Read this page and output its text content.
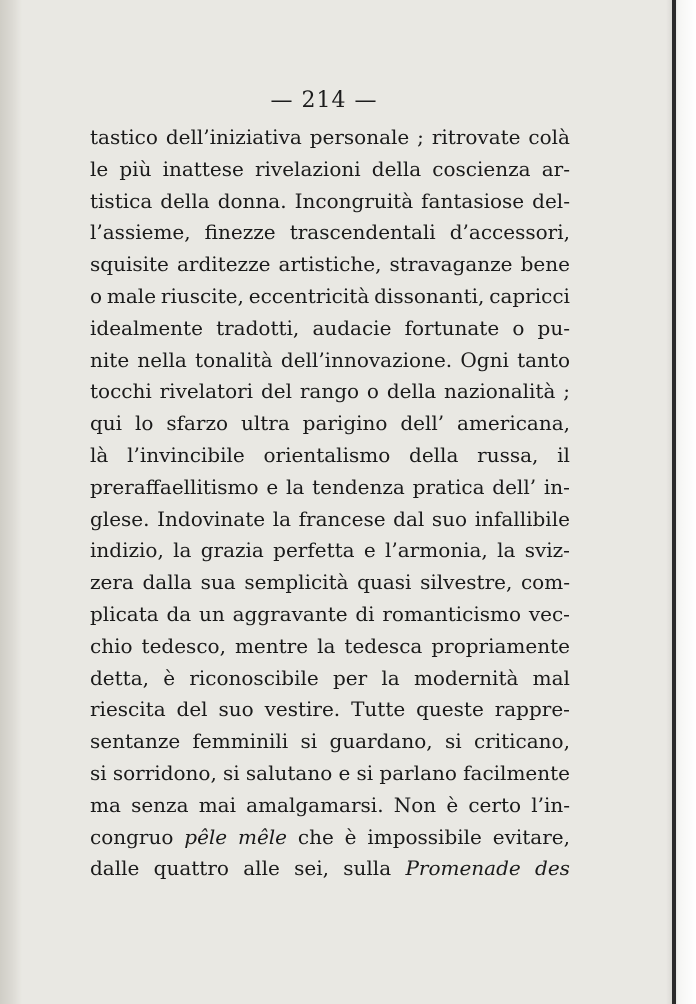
— 214 —
tastico dell’iniziativa personale ; ritrovate colà
le più inattese rivelazioni della coscienza ar-
tistica della donna. Incongruità fantasiose del-
l’assieme, finezze trascendentali d’accessori,
squisite arditezze artistiche, stravaganze bene
o male riuscite, eccentricità dissonanti, capricci
idealmente tradotti, audacie fortunate o pu-
nite nella tonalità dell’innovazione. Ogni tanto
tocchi rivelatori del rango o della nazionalità ;
qui lo sfarzo ultra parigino dell’ americana,
là l’invincibile orientalismo della russa, il
preraffaellitismo e la tendenza pratica dell’ in-
glese. Indovinate la francese dal suo infallibile
indizio, la grazia perfetta e l’armonia, la sviz-
zera dalla sua semplicità quasi silvestre, com-
plicata da un aggravante di romanticismo vec-
chio tedesco, mentre la tedesca propriamente
detta, è riconoscibile per la modernità mal
riescita del suo vestire. Tutte queste rappre-
sentanze femminili si guardano, si criticano,
si sorridono, si salutano e si parlano facilmente
ma senza mai amalgamarsi. Non è certo l’in-
congruo pêle mêle che è impossibile evitare,
dalle quattro alle sei, sulla Promenade des
